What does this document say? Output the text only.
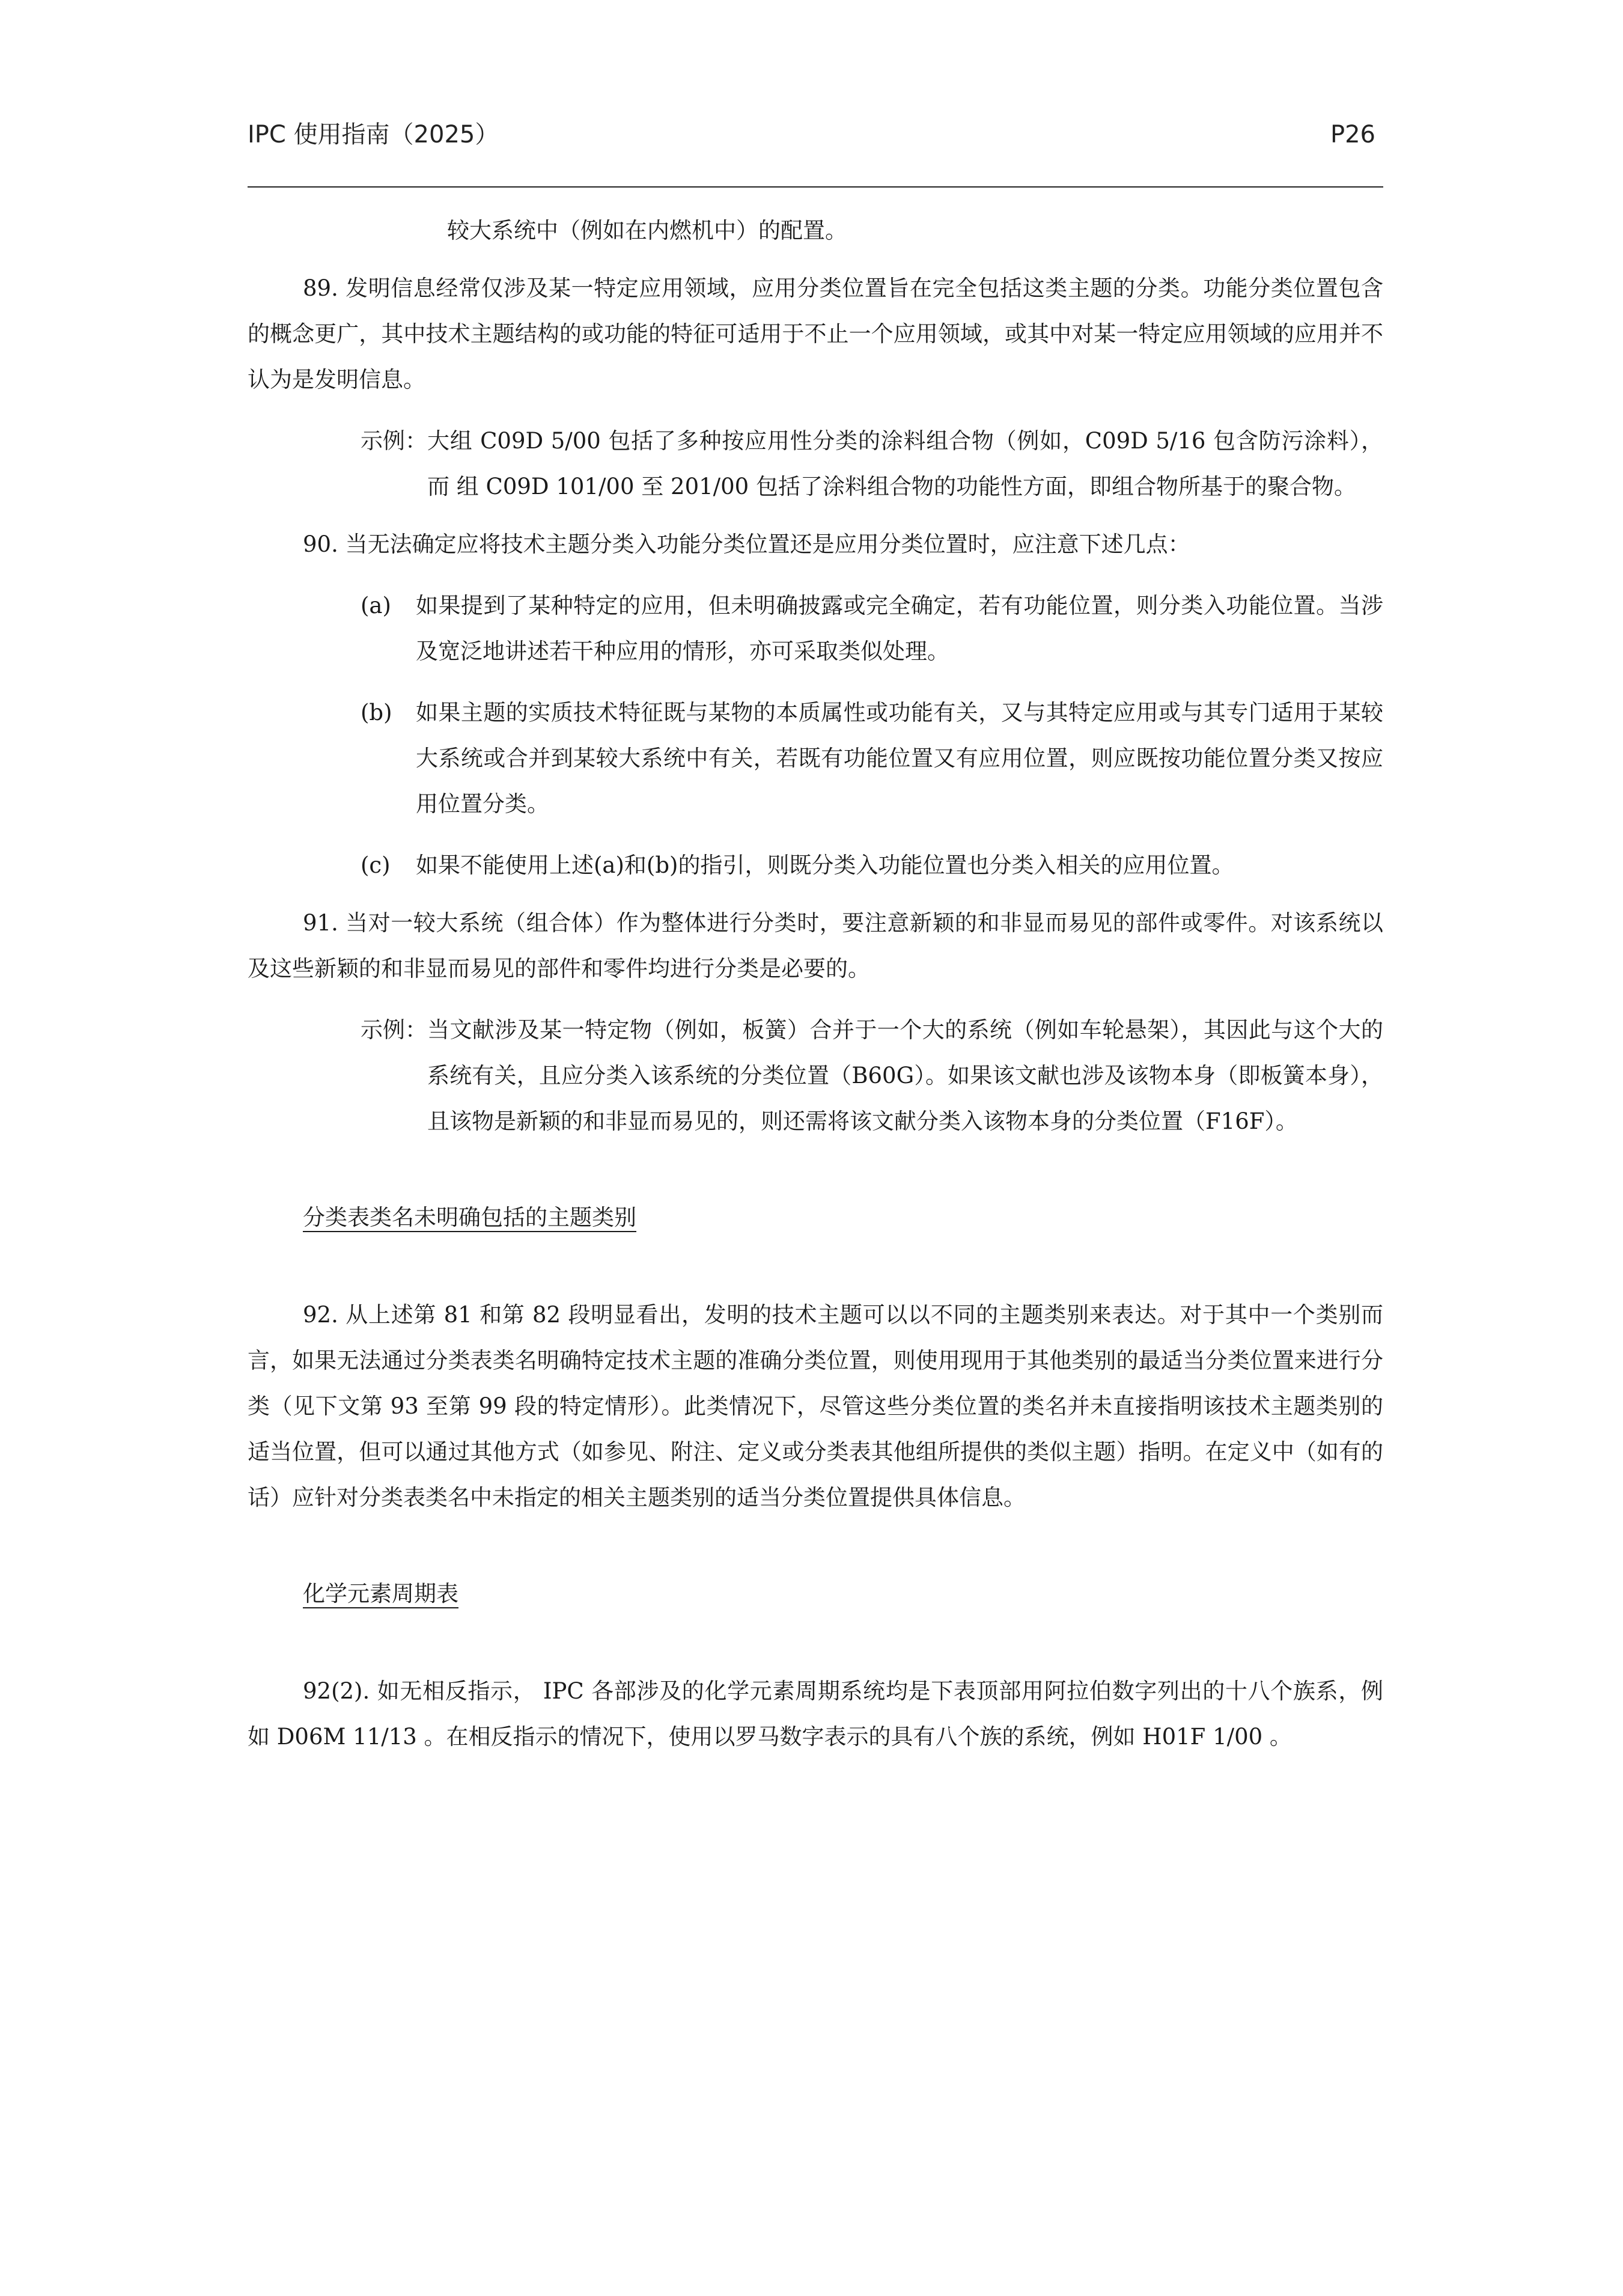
IPC 使用指南（2025）	P26

较大系统中（例如在内燃机中）的配置。

89. 发明信息经常仅涉及某一特定应用领域，应用分类位置旨在完全包括这类主题的分类。功能分类位置包含的概念更广，其中技术主题结构的或功能的特征可适用于不止一个应用领域，或其中对某一特定应用领域的应用并不认为是发明信息。

示例： 大组 C09D 5/00 包括了多种按应用性分类的涂料组合物（例如，C09D 5/16 包含防污涂料），而 组 C09D 101/00 至 201/00 包括了涂料组合物的功能性方面，即组合物所基于的聚合物。

90. 当无法确定应将技术主题分类入功能分类位置还是应用分类位置时，应注意下述几点：

(a)	如果提到了某种特定的应用，但未明确披露或完全确定，若有功能位置，则分类入功能位置。当涉及宽泛地讲述若干种应用的情形，亦可采取类似处理。

(b)	如果主题的实质技术特征既与某物的本质属性或功能有关，又与其特定应用或与其专门适用于某较大系统或合并到某较大系统中有关，若既有功能位置又有应用位置，则应既按功能位置分类又按应用位置分类。

(c)	如果不能使用上述(a)和(b)的指引，则既分类入功能位置也分类入相关的应用位置。

91. 当对一较大系统（组合体）作为整体进行分类时，要注意新颖的和非显而易见的部件或零件。对该系统以及这些新颖的和非显而易见的部件和零件均进行分类是必要的。

示例： 当文献涉及某一特定物（例如，板簧）合并于一个大的系统（例如车轮悬架），其因此与这个大的系统有关，且应分类入该系统的分类位置（B60G）。如果该文献也涉及该物本身（即板簧本身），且该物是新颖的和非显而易见的，则还需将该文献分类入该物本身的分类位置（F16F）。

分类表类名未明确包括的主题类别

92. 从上述第 81 和第 82 段明显看出，发明的技术主题可以以不同的主题类别来表达。对于其中一个类别而言，如果无法通过分类表类名明确特定技术主题的准确分类位置，则使用现用于其他类别的最适当分类位置来进行分类（见下文第 93 至第 99 段的特定情形）。此类情况下，尽管这些分类位置的类名并未直接指明该技术主题类别的适当位置，但可以通过其他方式（如参见、附注、定义或分类表其他组所提供的类似主题）指明。在定义中（如有的话）应针对分类表类名中未指定的相关主题类别的适当分类位置提供具体信息。

化学元素周期表

92(2). 如无相反指示， IPC 各部涉及的化学元素周期系统均是下表顶部用阿拉伯数字列出的十八个族系，例如 D06M 11/13 。在相反指示的情况下，使用以罗马数字表示的具有八个族的系统，例如 H01F 1/00 。
